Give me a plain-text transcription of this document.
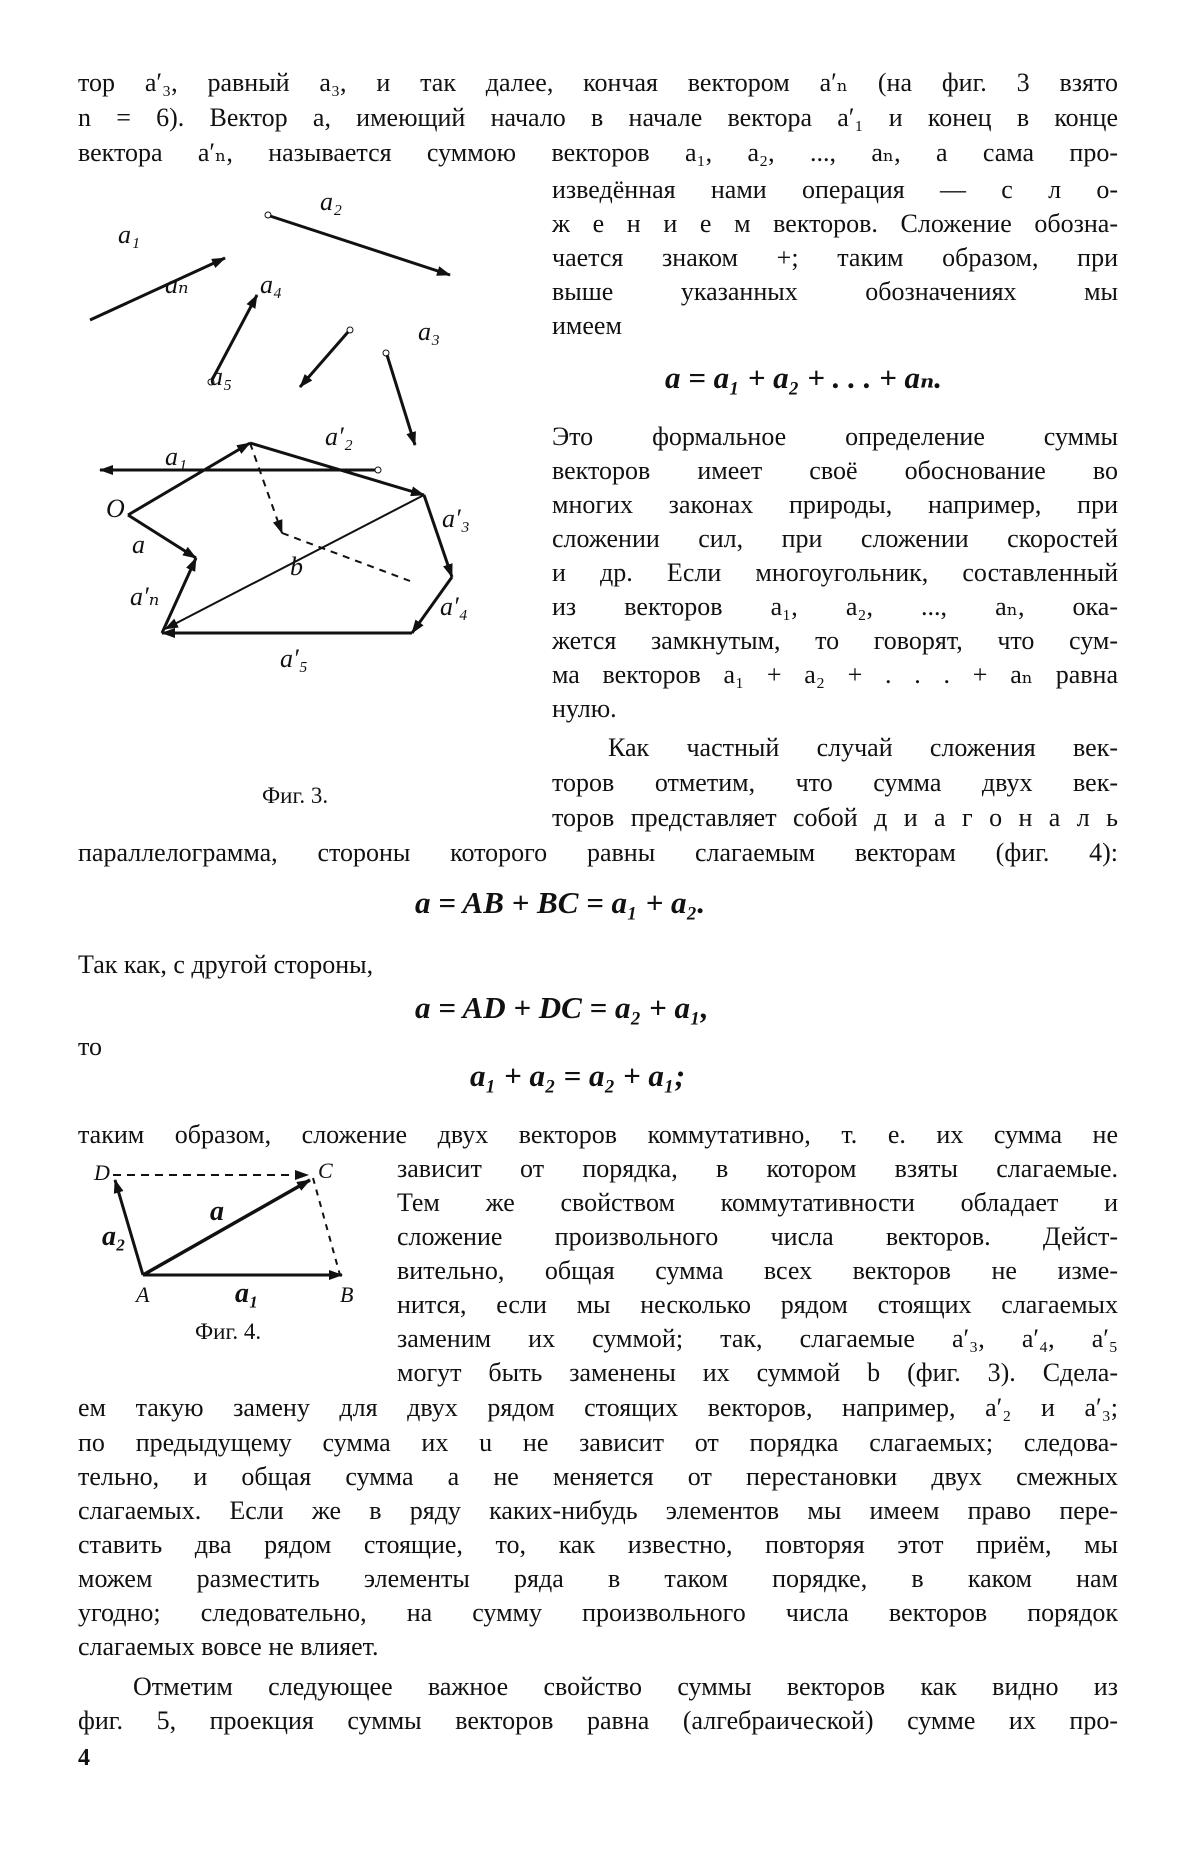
тор a′₃, равный a₃, и так далее, кончая вектором a′ₙ (на фиг. 3 взято
n = 6). Вектор a, имеющий начало в начале вектора a′₁ и конец в конце
вектора a′ₙ, называется суммою векторов a₁, a₂, ..., aₙ, а сама про-
a₁
a₂
aₙ	a₄
a₃
a₅
O
a
b
a₁
a′₂
a′₃
a′₄
a′₅
a′ₙ
Фиг. 3.
изведённая нами операция — с л о-
ж е н и е м векторов. Сложение обозна-
чается знаком +; таким образом, при
выше указанных обозначениях мы
имеем
a = a₁ + a₂ + . . . + aₙ.
Это формальное определение суммы
векторов имеет своё обоснование во
многих законах природы, например, при
сложении сил, при сложении скоростей
и др. Если многоугольник, составленный
из векторов a₁, a₂, ..., aₙ, ока-
жется замкнутым, то говорят, что сум-
ма векторов a₁ + a₂ + . . . + aₙ равна
нулю.
Как частный случай сложения век-
торов отметим, что сумма двух век-
торов представляет собой д и а г о н а л ь
параллелограмма, стороны которого равны слагаемым векторам (фиг. 4):
a = AB + BC = a₁ + a₂.
Так как, с другой стороны,
a = AD + DC = a₂ + a₁,
то
a₁ + a₂ = a₂ + a₁;
таким образом, сложение двух векторов коммутативно, т. е. их сумма не
D	C
A	B
a
a₁
a₂
Фиг. 4.
зависит от порядка, в котором взяты слагаемые.
Тем же свойством коммутативности обладает и
сложение произвольного числа векторов. Дейст-
вительно, общая сумма всех векторов не изме-
нится, если мы несколько рядом стоящих слагаемых
заменим их суммой; так, слагаемые a′₃, a′₄, a′₅
могут быть заменены их суммой b (фиг. 3). Сдела-
ем такую замену для двух рядом стоящих векторов, например, a′₂ и a′₃;
по предыдущему сумма их u не зависит от порядка слагаемых; следова-
тельно, и общая сумма a не меняется от перестановки двух смежных
слагаемых. Если же в ряду каких-нибудь элементов мы имеем право пере-
ставить два рядом стоящие, то, как известно, повторяя этот приём, мы
можем разместить элементы ряда в таком порядке, в каком нам
угодно; следовательно, на сумму произвольного числа векторов порядок
слагаемых вовсе не влияет.
Отметим следующее важное свойство суммы векторов как видно из
фиг. 5, проекция суммы векторов равна (алгебраической) сумме их про-
4
